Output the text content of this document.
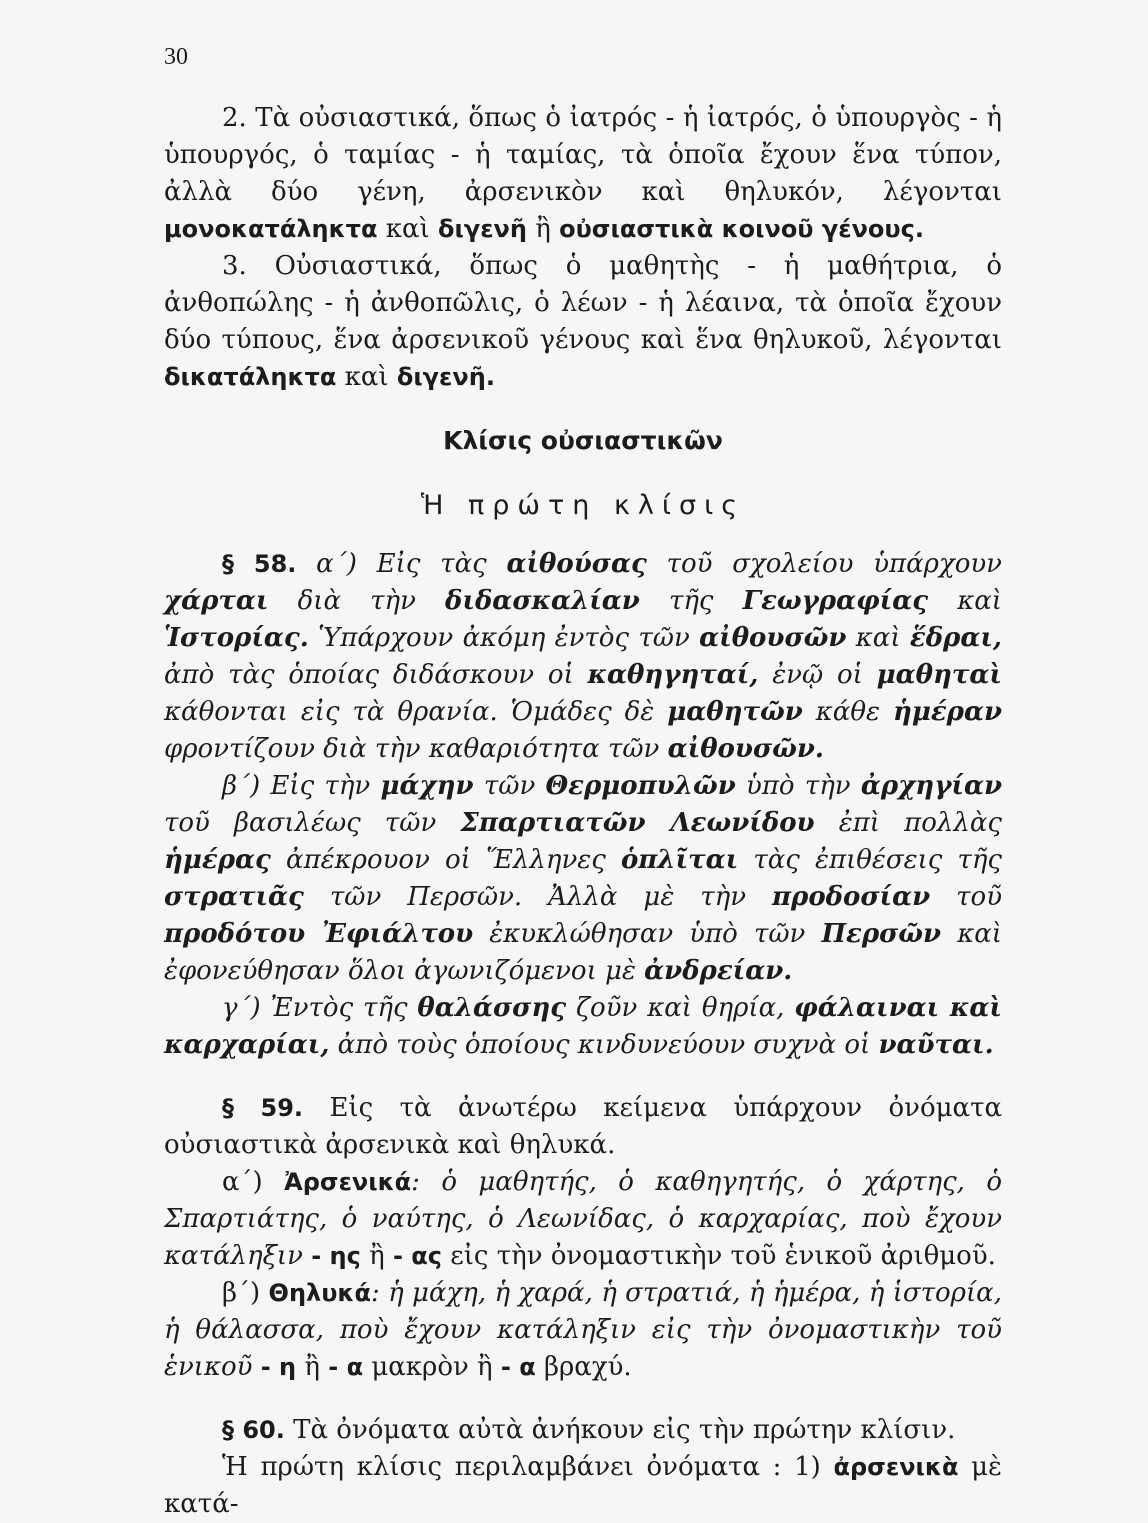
30

2. Τὰ οὐσιαστικά, ὅπως ὁ ἰατρός - ἡ ἰατρός, ὁ ὑπουργὸς - ἡ ὑπουργός, ὁ ταμίας - ἡ ταμίας, τὰ ὁποῖα ἔχουν ἕνα τύπον, ἀλλὰ δύο γένη, ἀρσενικὸν καὶ θηλυκόν, λέγονται μονοκατάληκτα καὶ διγενῆ ἢ οὐσιαστικὰ κοινοῦ γένους.

3. Οὐσιαστικά, ὅπως ὁ μαθητὴς - ἡ μαθήτρια, ὁ ἀνθοπώλης - ἡ ἀνθοπῶλις, ὁ λέων - ἡ λέαινα, τὰ ὁποῖα ἔχουν δύο τύπους, ἕνα ἀρσενικοῦ γένους καὶ ἕνα θηλυκοῦ, λέγονται δικατάληκτα καὶ διγενῆ.

Κλίσις οὐσιαστικῶν
Ἡ πρώτη κλίσις

§ 58. α΄) Εἰς τὰς αἰθούσας τοῦ σχολείου ὑπάρχουν χάρται διὰ τὴν διδασκαλίαν τῆς Γεωγραφίας καὶ Ἱστορίας. Ὑπάρχουν ἀκόμη ἐντὸς τῶν αἰθουσῶν καὶ ἕδραι, ἀπὸ τὰς ὁποίας διδάσκουν οἱ καθηγηταί, ἐνῷ οἱ μαθηταὶ κάθονται εἰς τὰ θρανία. Ὁμάδες δὲ μαθητῶν κάθε ἡμέραν φροντίζουν διὰ τὴν καθαριότητα τῶν αἰθουσῶν.

β΄) Εἰς τὴν μάχην τῶν Θερμοπυλῶν ὑπὸ τὴν ἀρχηγίαν τοῦ βασιλέως τῶν Σπαρτιατῶν Λεωνίδου ἐπὶ πολλὰς ἡμέρας ἀπέκρουον οἱ Ἕλληνες ὁπλῖται τὰς ἐπιθέσεις τῆς στρατιᾶς τῶν Περσῶν. Ἀλλὰ μὲ τὴν προδοσίαν τοῦ προδότου Ἐφιάλτου ἐκυκλώθησαν ὑπὸ τῶν Περσῶν καὶ ἐφονεύθησαν ὅλοι ἀγωνιζόμενοι μὲ ἀνδρείαν.

γ΄) Ἐντὸς τῆς θαλάσσης ζοῦν καὶ θηρία, φάλαιναι καὶ καρχαρίαι, ἀπὸ τοὺς ὁποίους κινδυνεύουν συχνὰ οἱ ναῦται.

§ 59. Εἰς τὰ ἀνωτέρω κείμενα ὑπάρχουν ὀνόματα οὐσιαστικὰ ἀρσενικὰ καὶ θηλυκά.

α΄) Ἀρσενικά: ὁ μαθητής, ὁ καθηγητής, ὁ χάρτης, ὁ Σπαρτιάτης, ὁ ναύτης, ὁ Λεωνίδας, ὁ καρχαρίας, ποὺ ἔχουν κατάληξιν - ης ἢ - ας εἰς τὴν ὀνομαστικὴν τοῦ ἑνικοῦ ἀριθμοῦ.

β΄) Θηλυκά: ἡ μάχη, ἡ χαρά, ἡ στρατιά, ἡ ἡμέρα, ἡ ἱστορία, ἡ θάλασσα, ποὺ ἔχουν κατάληξιν εἰς τὴν ὀνομαστικὴν τοῦ ἑνικοῦ - η ἢ - α μακρὸν ἢ - α βραχύ.

§ 60. Τὰ ὀνόματα αὐτὰ ἀνήκουν εἰς τὴν πρώτην κλίσιν.

Ἡ πρώτη κλίσις περιλαμβάνει ὀνόματα : 1) ἀρσενικὰ μὲ κατά-
